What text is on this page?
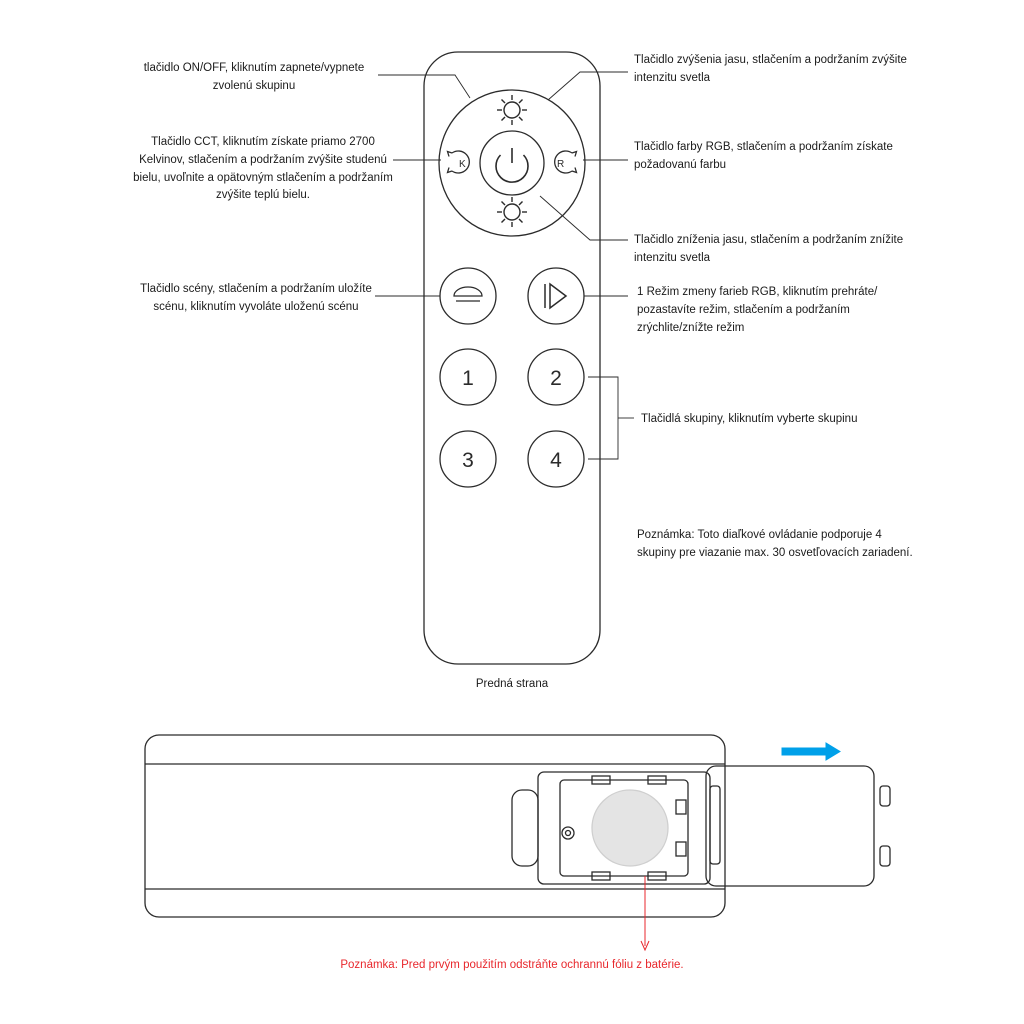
K	R
1	2
3	4
tlačidlo ON/OFF, kliknutím zapnete/vypnete zvolenú skupinu
Tlačidlo CCT, kliknutím získate priamo 2700 Kelvinov, stlačením a podržaním zvýšite studenú bielu, uvoľnite a opätovným stlačením a podržaním zvýšite teplú bielu.
Tlačidlo scény, stlačením a podržaním uložíte scénu, kliknutím vyvoláte uloženú scénu
Tlačidlo zvýšenia jasu, stlačením a podržaním zvýšite intenzitu svetla
Tlačidlo farby RGB, stlačením a podržaním získate požadovanú farbu
Tlačidlo zníženia jasu, stlačením a podržaním znížite intenzitu svetla
1 Režim zmeny farieb RGB, kliknutím prehráte/ pozastavíte režim, stlačením a podržaním zrýchlite/znížte režim
Tlačidlá skupiny, kliknutím vyberte skupinu
Poznámka: Toto diaľkové ovládanie podporuje 4 skupiny pre viazanie max. 30 osvetľovacích zariadení.
Predná strana
Poznámka: Pred prvým použitím odstráňte ochrannú fóliu z batérie.
